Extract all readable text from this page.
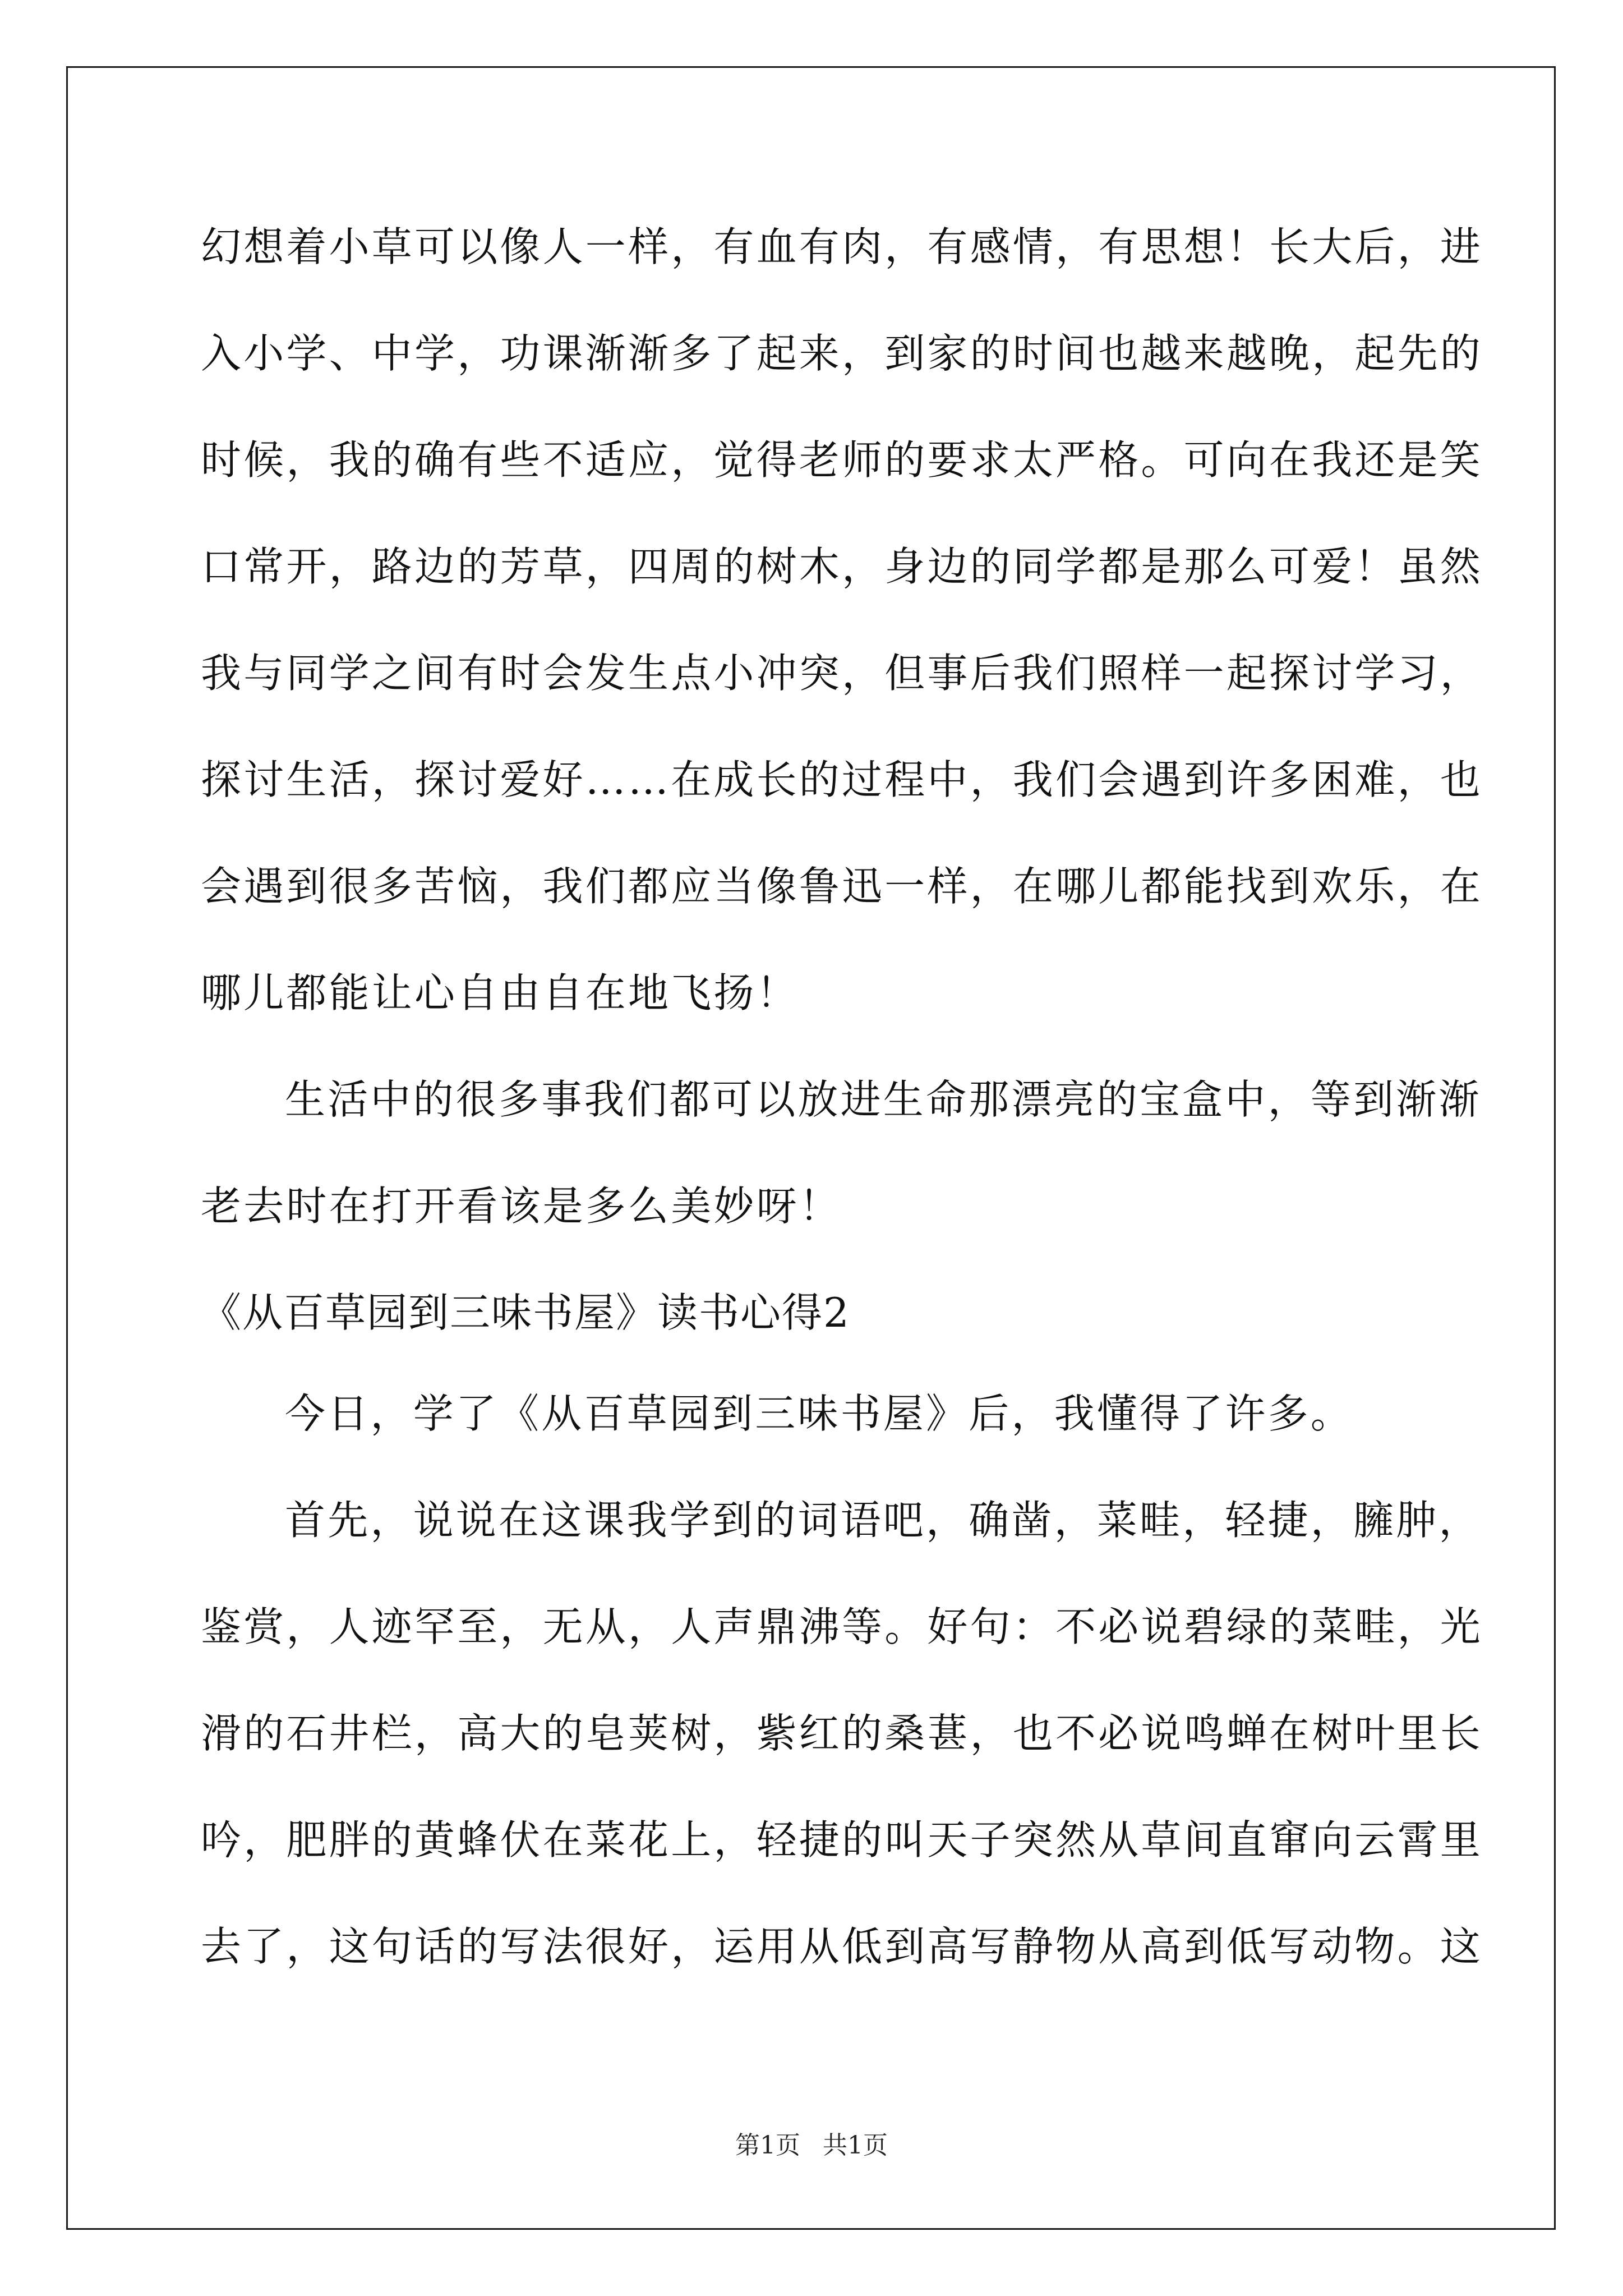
幻想着小草可以像人一样，有血有肉，有感情，有思想！长大后，进
入小学、中学，功课渐渐多了起来，到家的时间也越来越晚，起先的
时候，我的确有些不适应，觉得老师的要求太严格。可向在我还是笑
口常开，路边的芳草，四周的树木，身边的同学都是那么可爱！虽然
我与同学之间有时会发生点小冲突，但事后我们照样一起探讨学习，
探讨生活，探讨爱好……在成长的过程中，我们会遇到许多困难，也
会遇到很多苦恼，我们都应当像鲁迅一样，在哪儿都能找到欢乐，在
哪儿都能让心自由自在地飞扬！
生活中的很多事我们都可以放进生命那漂亮的宝盒中，等到渐渐
老去时在打开看该是多么美妙呀！
《从百草园到三味书屋》读书心得2
今日，学了《从百草园到三味书屋》后，我懂得了许多。
首先，说说在这课我学到的词语吧，确凿，菜畦，轻捷，臃肿，
鉴赏，人迹罕至，无从，人声鼎沸等。好句：不必说碧绿的菜畦，光
滑的石井栏，高大的皂荚树，紫红的桑葚，也不必说鸣蝉在树叶里长
吟，肥胖的黄蜂伏在菜花上，轻捷的叫天子突然从草间直窜向云霄里
去了，这句话的写法很好，运用从低到高写静物从高到低写动物。这
第1页 共1页
